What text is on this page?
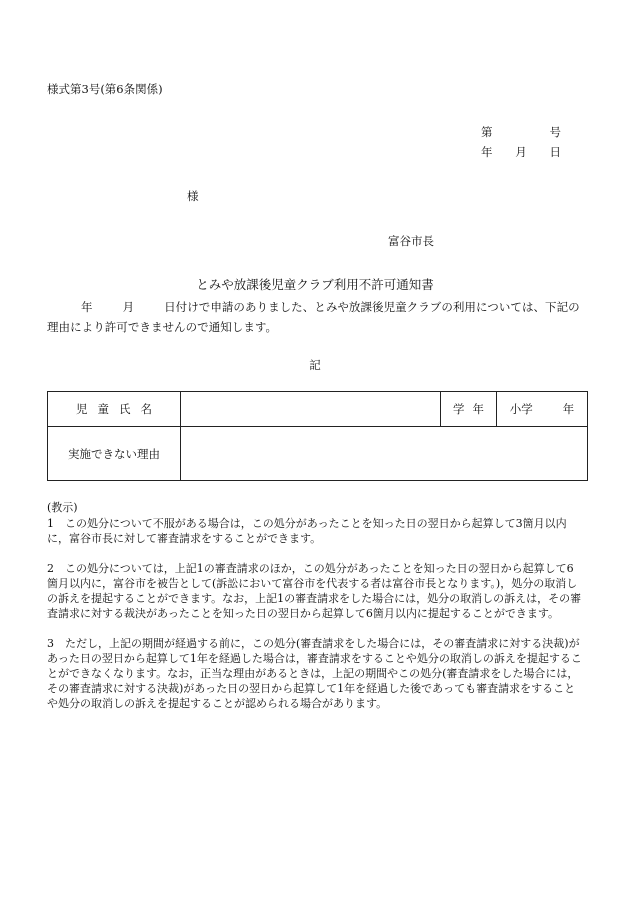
様式第3号(第6条関係)
第	号
年 月 日
様
富谷市長
とみや放課後児童クラブ利用不許可通知書
年	月	日付けで申請のありました、とみや放課後児童クラブの利用については、下記の理由により許可できませんので通知します。
記
児童氏名		学年	小学 年
実施できない理由			

(教示)

1　この処分について不服がある場合は，この処分があったことを知った日の翌日から起算して3箇月以内に，富谷市長に対して審査請求をすることができます。

2　この処分については，上記1の審査請求のほか，この処分があったことを知った日の翌日から起算して6箇月以内に，富谷市を被告として(訴訟において富谷市を代表する者は富谷市長となります。)，処分の取消しの訴えを提起することができます。なお，上記1の審査請求をした場合には，処分の取消しの訴えは，その審査請求に対する裁決があったことを知った日の翌日から起算して6箇月以内に提起することができます。

3　ただし，上記の期間が経過する前に，この処分(審査請求をした場合には，その審査請求に対する決裁)があった日の翌日から起算して1年を経過した場合は，審査請求をすることや処分の取消しの訴えを提起することができなくなります。なお，正当な理由があるときは，上記の期間やこの処分(審査請求をした場合には，その審査請求に対する決裁)があった日の翌日から起算して1年を経過した後であっても審査請求をすることや処分の取消しの訴えを提起することが認められる場合があります。
